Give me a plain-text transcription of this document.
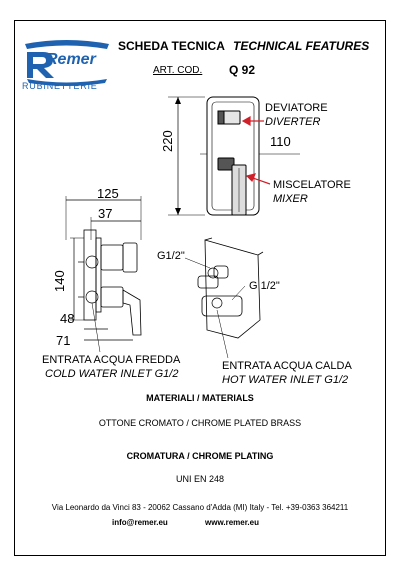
Remer
RUBINETTERIE
SCHEDA TECNICA TECHNICAL FEATURES
ART. COD. Q 92
DEVIATORE
DIVERTER
220	110
MISCELATORE
MIXER
125
37
140
48
71
G1/2"
G 1/2"
ENTRATA ACQUA FREDDA
COLD WATER INLET G1/2
ENTRATA ACQUA CALDA
HOT WATER INLET G1/2
MATERIALI / MATERIALS
OTTONE CROMATO / CHROME PLATED BRASS
CROMATURA / CHROME PLATING
UNI EN 248
Via Leonardo da Vinci 83 - 20062 Cassano d'Adda (MI) Italy - Tel. +39-0363 364211
info@remer.eu	www.remer.eu
